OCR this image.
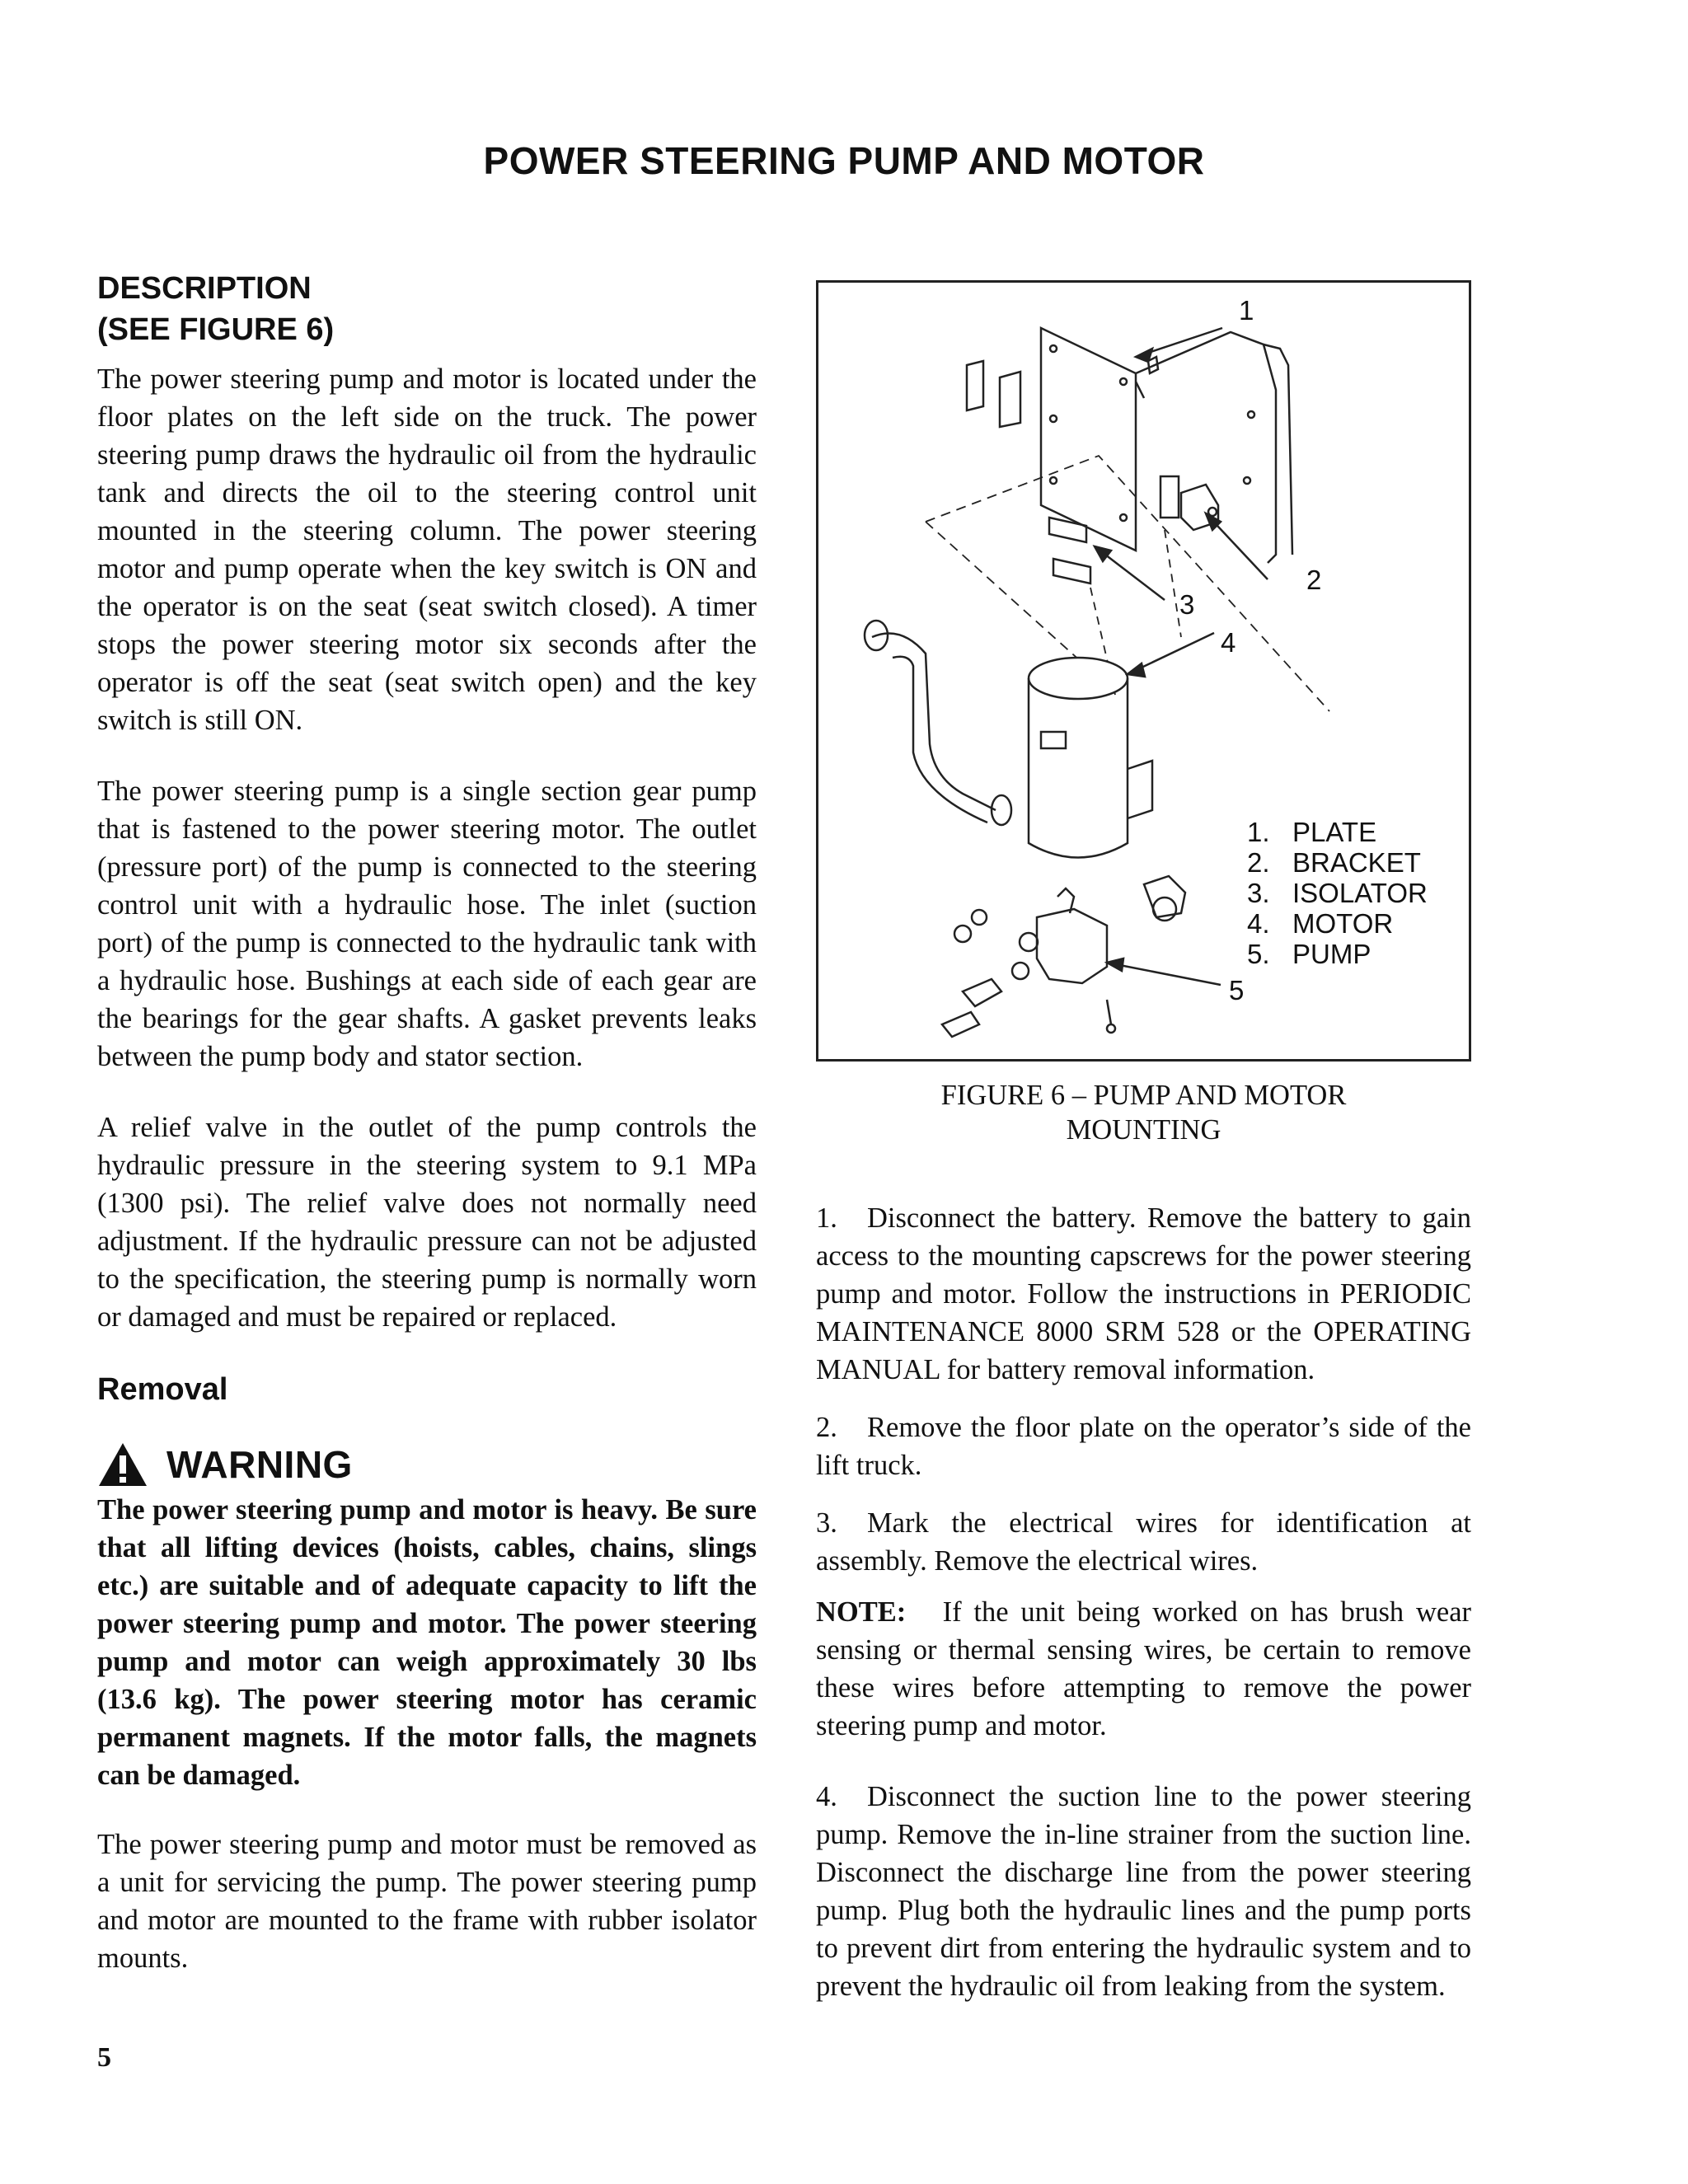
POWER STEERING PUMP AND MOTOR

DESCRIPTION

(SEE FIGURE 6)

The power steering pump and motor is located under the floor plates on the left side on the truck. The power steering pump draws the hydraulic oil from the hydraulic tank and directs the oil to the steering control unit mounted in the steering column. The power steering motor and pump operate when the key switch is ON and the operator is on the seat (seat switch closed). A timer stops the power steering motor six seconds after the operator is off the seat (seat switch open) and the key switch is still ON.

The power steering pump is a single section gear pump that is fastened to the power steering motor. The outlet (pressure port) of the pump is connected to the steering control unit with a hydraulic hose. The inlet (suction port) of the pump is connected to the hydraulic tank with a hydraulic hose. Bushings at each side of each gear are the bearings for the gear shafts. A gasket prevents leaks between the pump body and stator section.

A relief valve in the outlet of the pump controls the hydraulic pressure in the steering system to 9.1 MPa (1300 psi). The relief valve does not normally need adjustment. If the hydraulic pressure can not be adjusted to the specification, the steering pump is normally worn or damaged and must be repaired or replaced.

Removal

WARNING

The power steering pump and motor is heavy. Be sure that all lifting devices (hoists, cables, chains, slings etc.) are suitable and of adequate capacity to lift the power steering pump and motor. The power steering pump and motor can weigh approximately 30 lbs (13.6 kg). The power steering motor has ceramic permanent magnets. If the motor falls, the magnets can be damaged.

The power steering pump and motor must be removed as a unit for servicing the pump. The power steering pump and motor are mounted to the frame with rubber isolator mounts.

1
2
3
4
5
1. PLATE
2. BRACKET
3. ISOLATOR
4. MOTOR
5. PUMP
FIGURE 6 – PUMP AND MOTOR
MOUNTING

1. Disconnect the battery. Remove the battery to gain access to the mounting capscrews for the power steering pump and motor. Follow the instructions in PERIODIC MAINTENANCE 8000 SRM 528 or the OPERATING MANUAL for battery removal information.

2. Remove the floor plate on the operator’s side of the lift truck.

3. Mark the electrical wires for identification at assembly. Remove the electrical wires.

NOTE: If the unit being worked on has brush wear sensing or thermal sensing wires, be certain to remove these wires before attempting to remove the power steering pump and motor.

4. Disconnect the suction line to the power steering pump. Remove the in-line strainer from the suction line. Disconnect the discharge line from the power steering pump. Plug both the hydraulic lines and the pump ports to prevent dirt from entering the hydraulic system and to prevent the hydraulic oil from leaking from the system.

5
